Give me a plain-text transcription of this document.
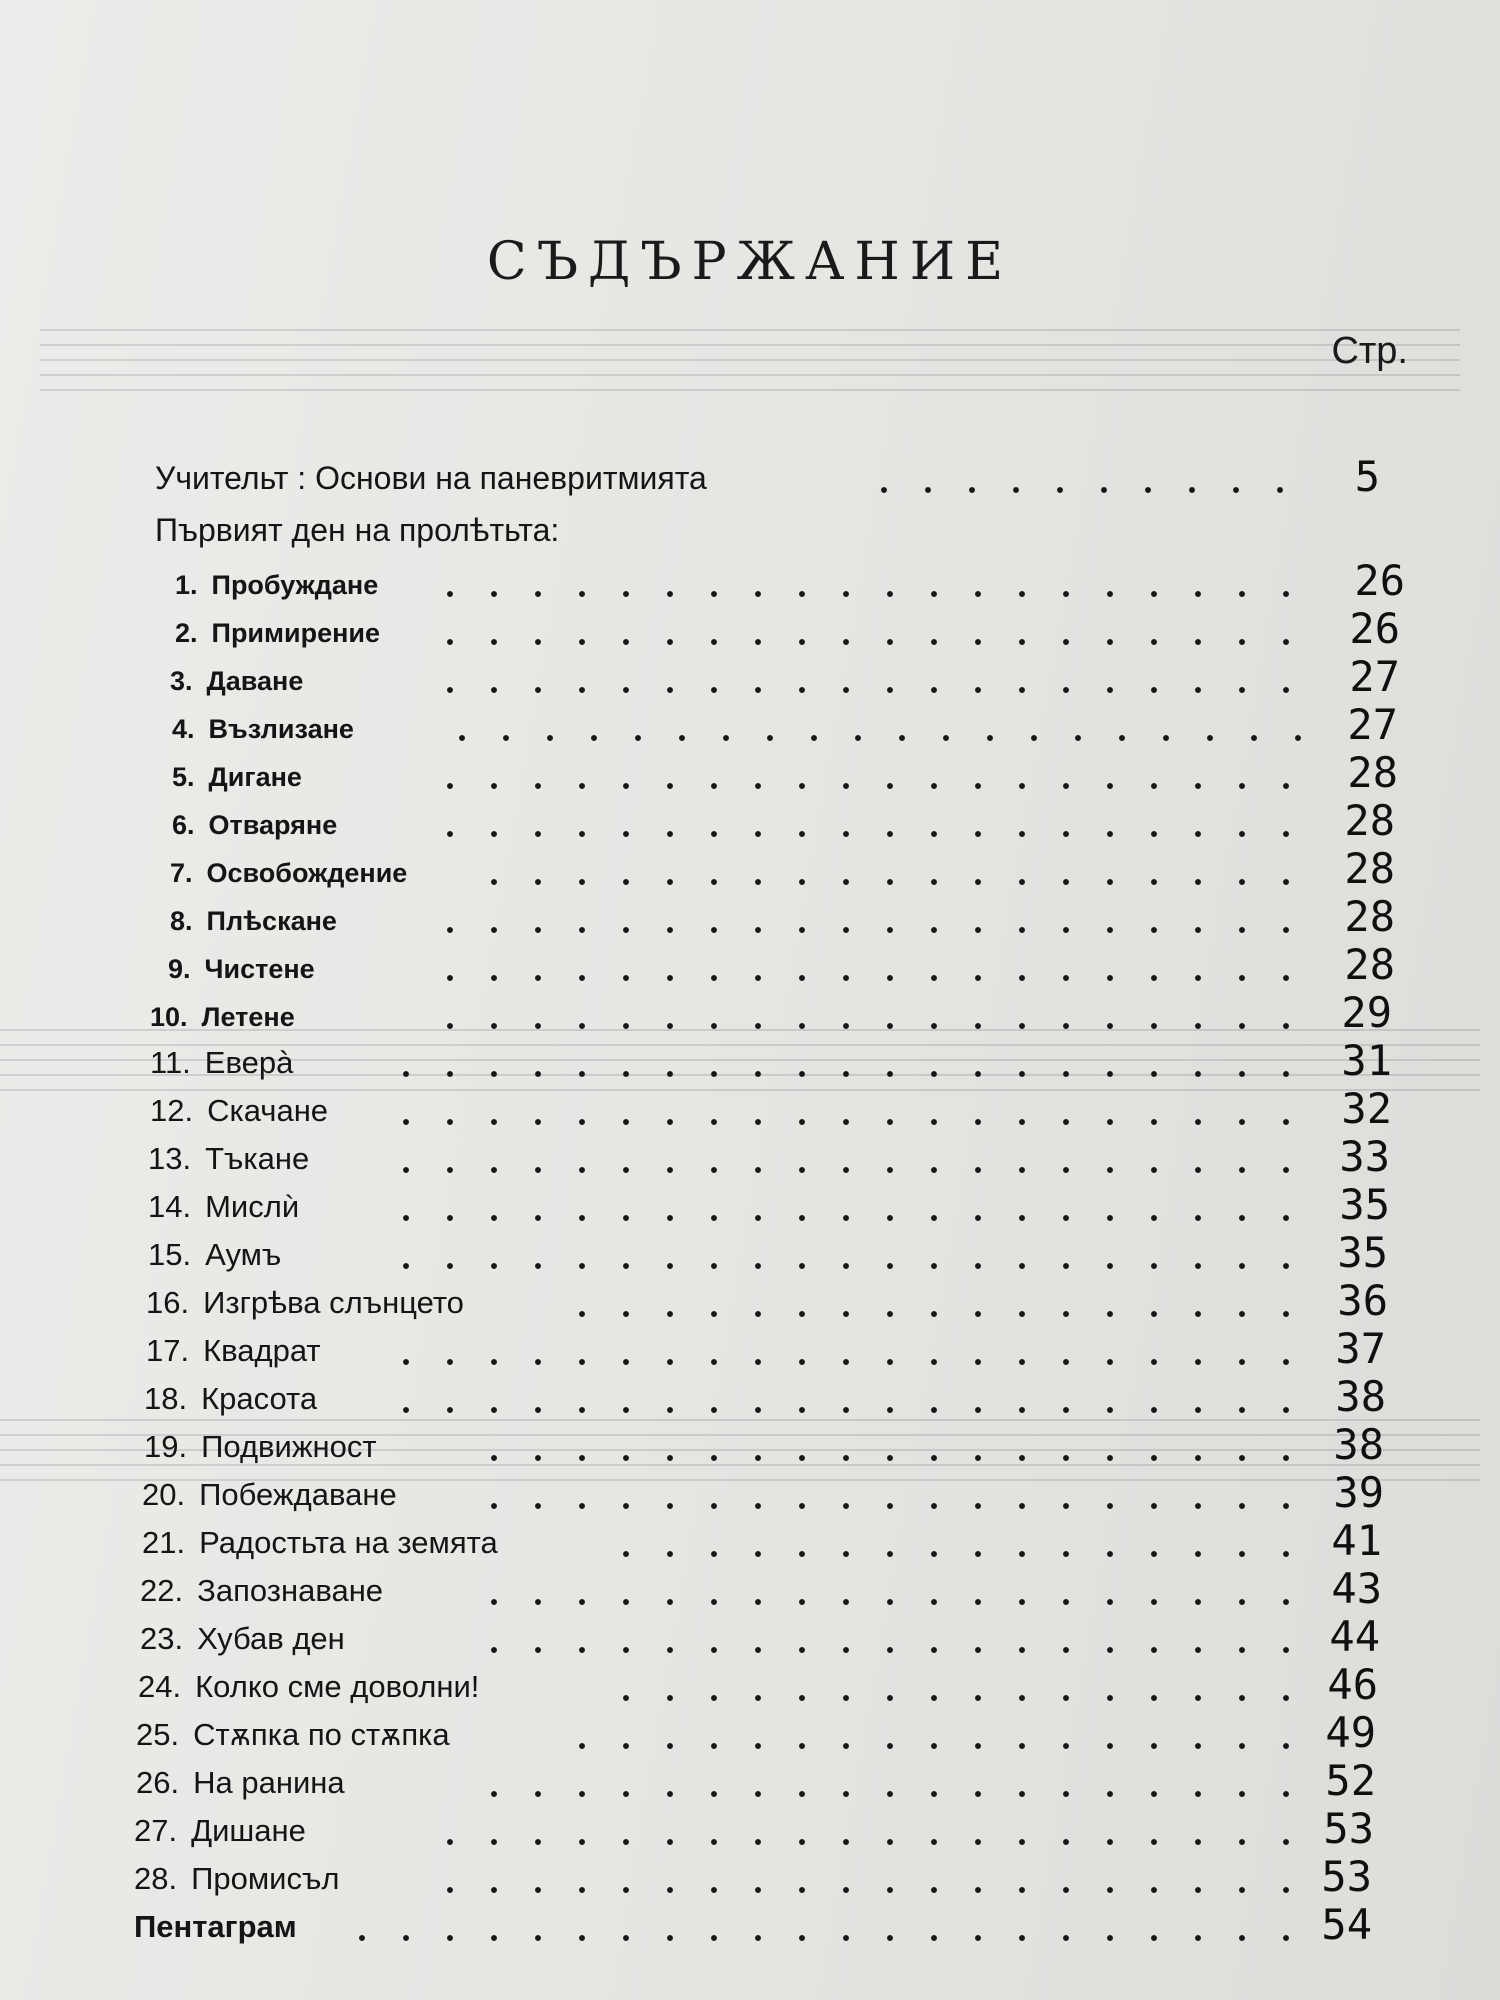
СЪДЪРЖАНИЕ
Стр.
Учительт : Основи на паневритмията	5
Първият ден на пролѣтьта:
1. Пробуждане	26
2. Примирение	26
3. Даване	27
4. Възлизане	27
5. Дигане	28
6. Отваряне	28
7. Освобождение	28
8. Плѣскане	28
9. Чистене	28
10. Летене	29
11. Еверà	31
12. Скачане	32
13. Тъкане	33
14. Мислѝ	35
15. Аумъ	35
16. Изгрѣва слънцето	36
17. Квадрат	37
18. Красота	38
19. Подвижност	38
20. Побеждаване	39
21. Радостьта на земята	41
22. Запознаване	43
23. Хубав ден	44
24. Колко сме доволни!	46
25. Стѫпка по стѫпка	49
26. На ранина	52
27. Дишане	53
28. Промисъл	53
Пентаграм	54
